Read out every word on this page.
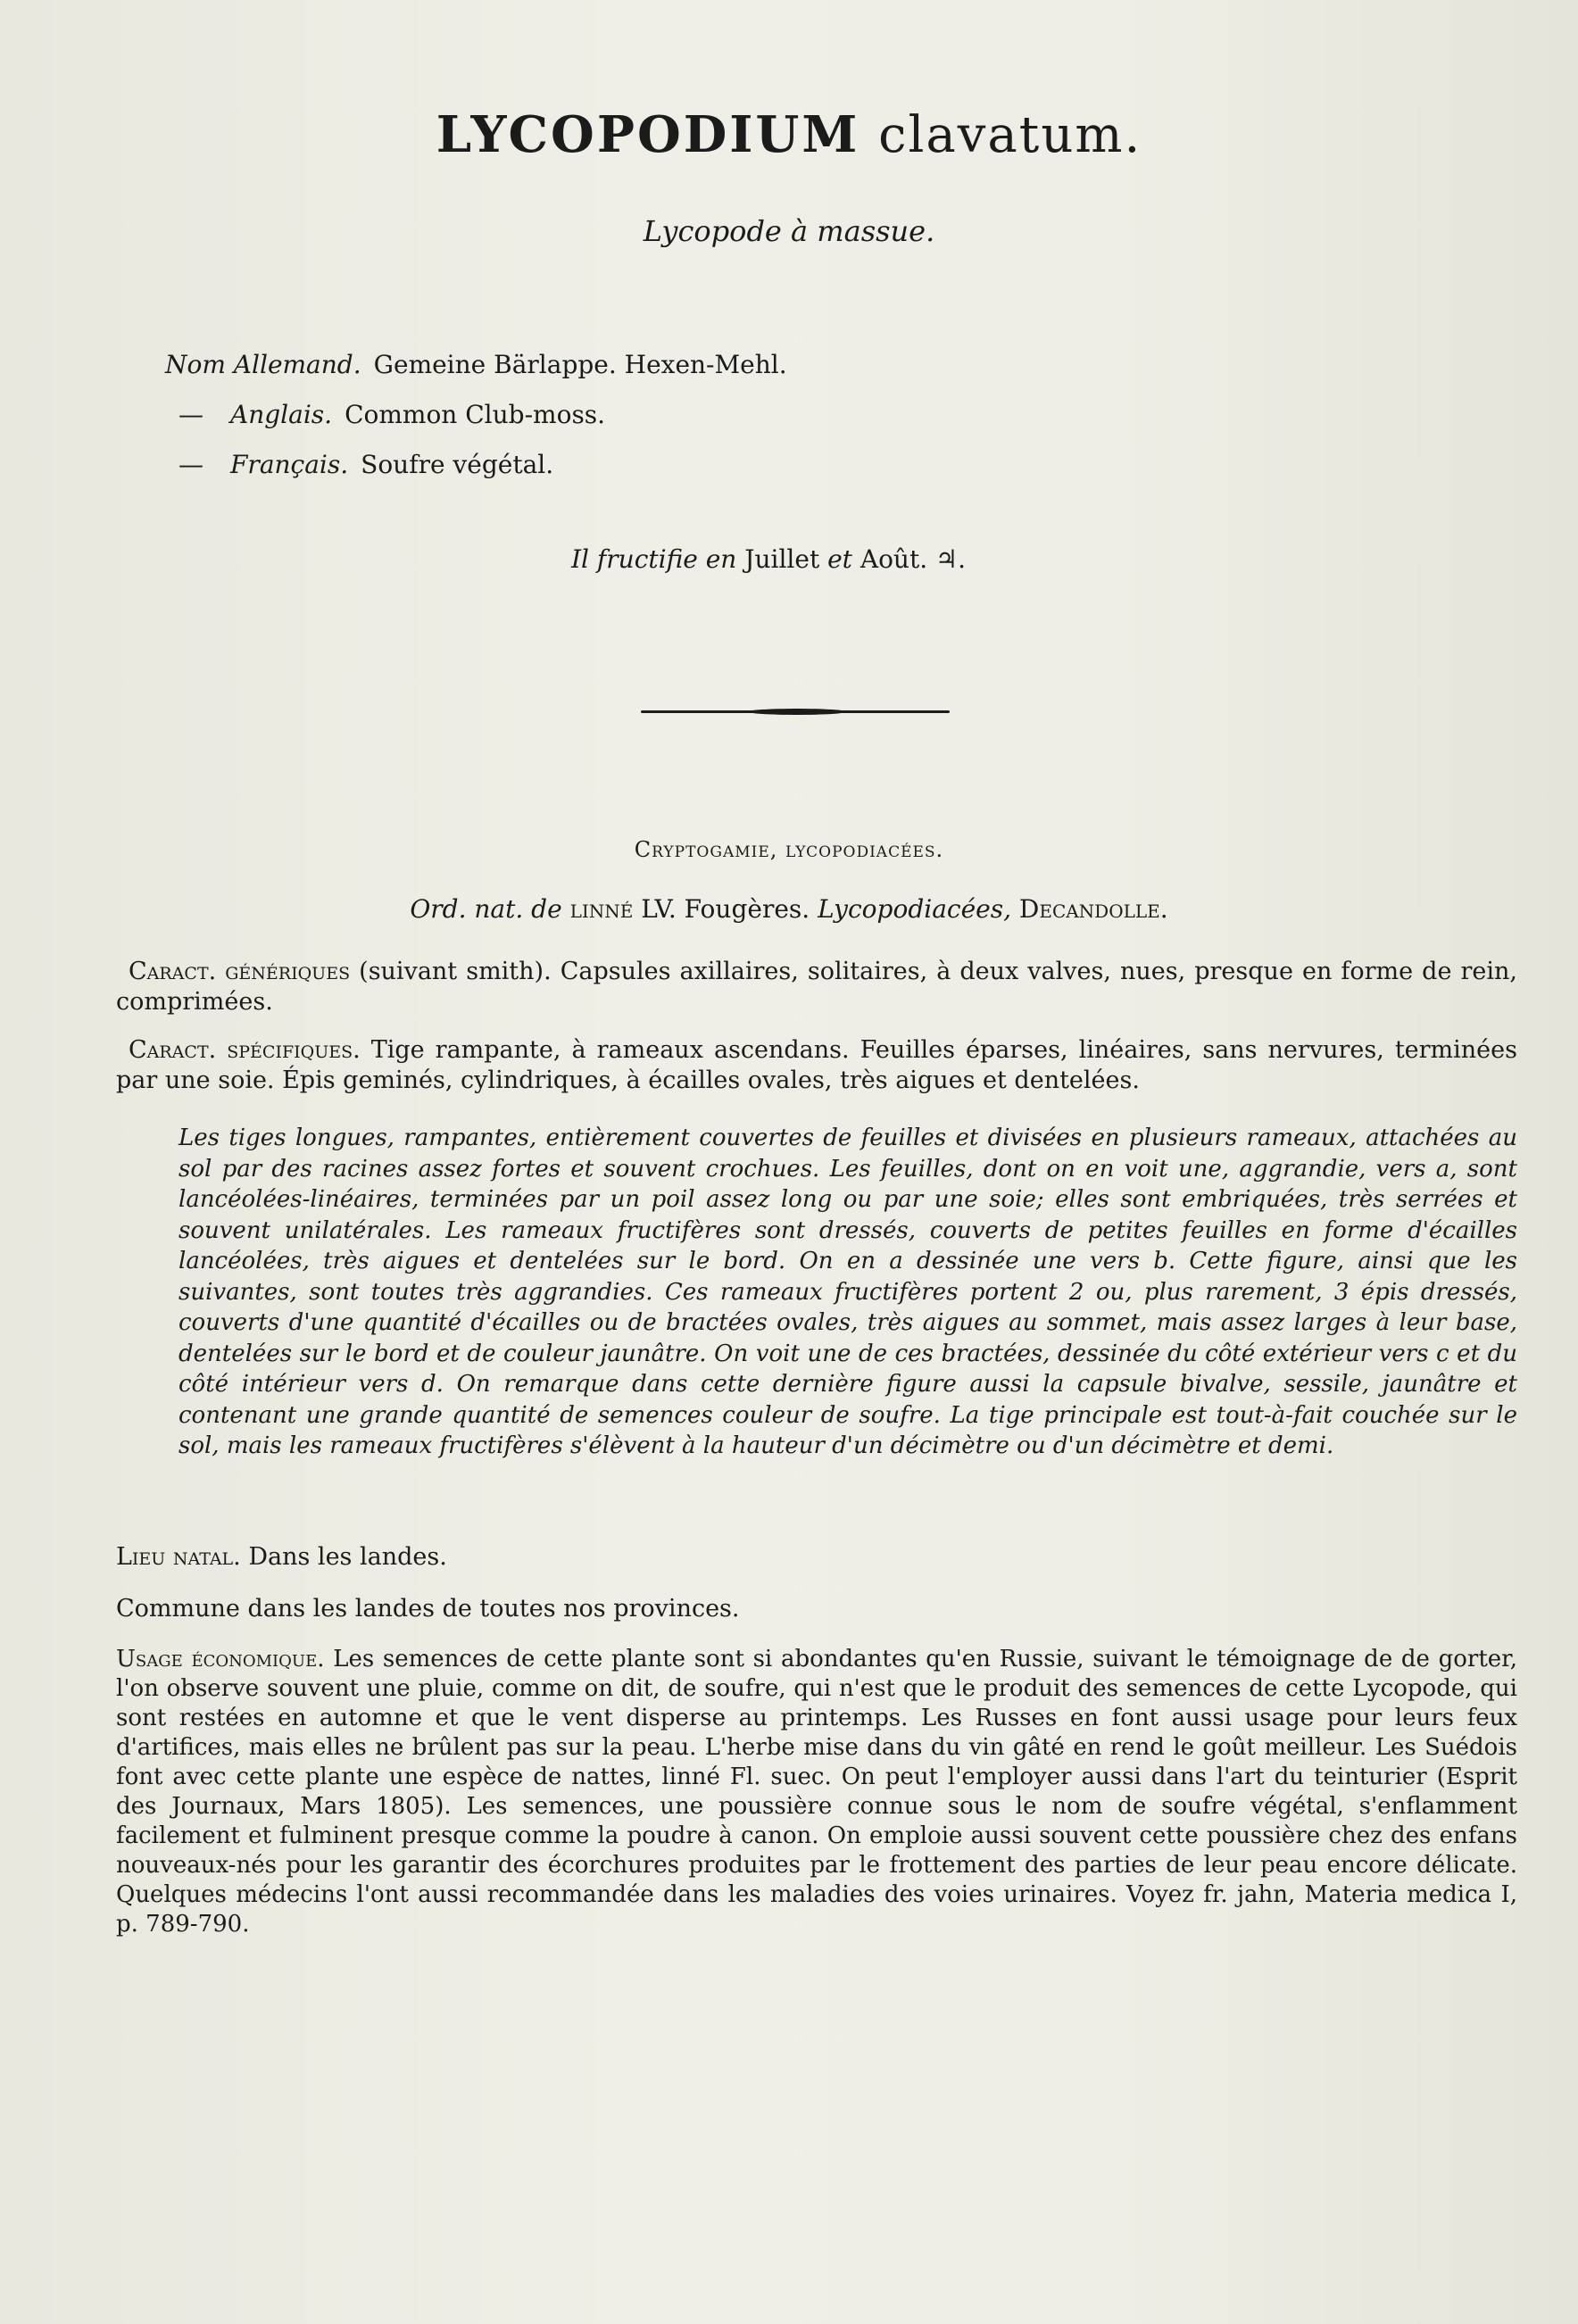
LYCOPODIUM clavatum.
Lycopode à massue.
Nom Allemand. Gemeine Bärlappe. Hexen-Mehl.
— Anglais. Common Club-moss.
— Français. Soufre végétal.
Il fructifie en Juillet et Août. ♃.
Cryptogamie, lycopodiacées.
Ord. nat. de linné LV. Fougères. Lycopodiacées, Decandolle.
Caract. génériques (suivant smith). Capsules axillaires, solitaires, à deux valves, nues, presque en forme de rein, comprimées.
Caract. spécifiques. Tige rampante, à rameaux ascendans. Feuilles éparses, linéaires, sans nervures, terminées par une soie. Épis geminés, cylindriques, à écailles ovales, très aigues et dentelées.
Les tiges longues, rampantes, entièrement couvertes de feuilles et divisées en plusieurs rameaux, attachées au sol par des racines assez fortes et souvent crochues. Les feuilles, dont on en voit une, aggrandie, vers a, sont lancéolées-linéaires, terminées par un poil assez long ou par une soie; elles sont embriquées, très serrées et souvent unilatérales. Les rameaux fructifères sont dressés, couverts de petites feuilles en forme d'écailles lancéolées, très aigues et dentelées sur le bord. On en a dessinée une vers b. Cette figure, ainsi que les suivantes, sont toutes très aggrandies. Ces rameaux fructifères portent 2 ou, plus rarement, 3 épis dressés, couverts d'une quantité d'écailles ou de bractées ovales, très aigues au sommet, mais assez larges à leur base, dentelées sur le bord et de couleur jaunâtre. On voit une de ces bractées, dessinée du côté extérieur vers c et du côté intérieur vers d. On remarque dans cette dernière figure aussi la capsule bivalve, sessile, jaunâtre et contenant une grande quantité de semences couleur de soufre. La tige principale est tout-à-fait couchée sur le sol, mais les rameaux fructifères s'élèvent à la hauteur d'un décimètre ou d'un décimètre et demi.
Lieu natal. Dans les landes.
Commune dans les landes de toutes nos provinces.
Usage économique. Les semences de cette plante sont si abondantes qu'en Russie, suivant le témoignage de de gorter, l'on observe souvent une pluie, comme on dit, de soufre, qui n'est que le produit des semences de cette Lycopode, qui sont restées en automne et que le vent disperse au printemps. Les Russes en font aussi usage pour leurs feux d'artifices, mais elles ne brûlent pas sur la peau. L'herbe mise dans du vin gâté en rend le goût meilleur. Les Suédois font avec cette plante une espèce de nattes, linné Fl. suec. On peut l'employer aussi dans l'art du teinturier (Esprit des Journaux, Mars 1805). Les semences, une poussière connue sous le nom de soufre végétal, s'enflamment facilement et fulminent presque comme la poudre à canon. On emploie aussi souvent cette poussière chez des enfans nouveaux-nés pour les garantir des écorchures produites par le frottement des parties de leur peau encore délicate. Quelques médecins l'ont aussi recommandée dans les maladies des voies urinaires. Voyez fr. jahn, Materia medica I, p. 789-790.
